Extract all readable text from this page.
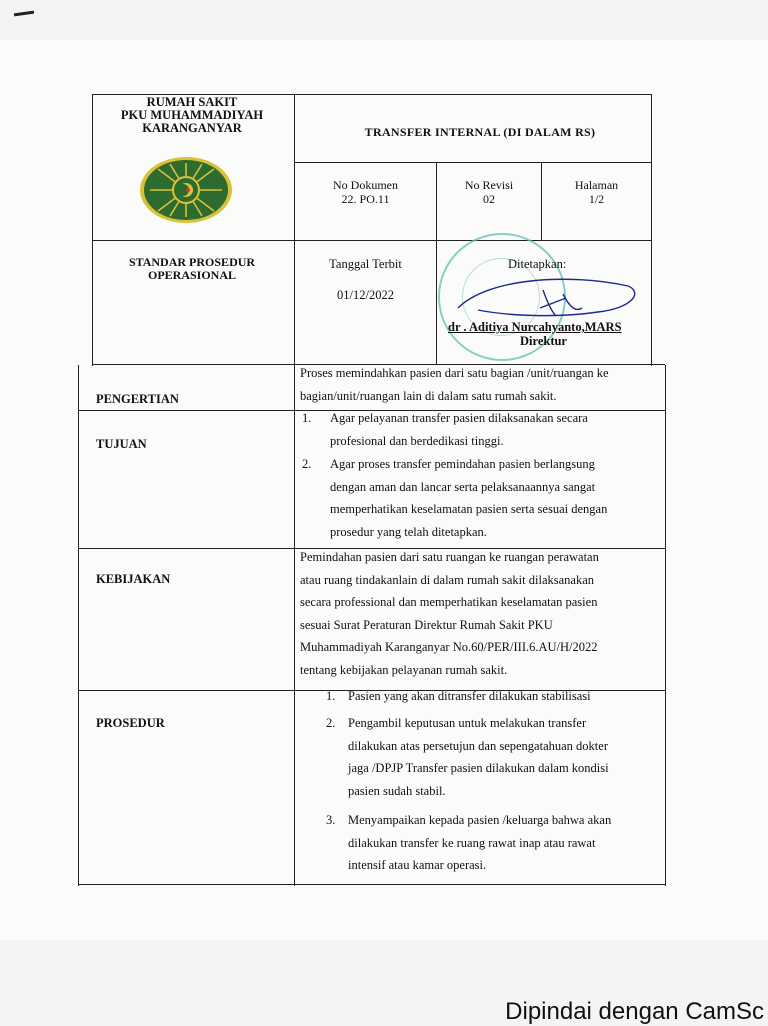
RUMAH SAKIT
PKU MUHAMMADIYAH
KARANGANYAR	TRANSFER INTERNAL (DI DALAM RS)
No Dokumen
22. PO.11
No Revisi
02
Halaman
1/2
STANDAR PROSEDUR
OPERASIONAL
Tanggal Terbit
01/12/2022
Ditetapkan:
dr . Aditiya Nurcahyanto,MARS
Direktur
PENGERTIAN
Proses memindahkan pasien dari satu bagian /unit/ruangan ke
bagian/unit/ruangan lain di dalam satu rumah sakit.
TUJUAN
1. Agar pelayanan transfer pasien dilaksanakan secara
profesional dan berdedikasi tinggi.
2. Agar proses transfer pemindahan pasien berlangsung
dengan aman dan lancar serta pelaksanaannya sangat
memperhatikan keselamatan pasien serta sesuai dengan
prosedur yang telah ditetapkan.
KEBIJAKAN
Pemindahan pasien dari satu ruangan ke ruangan perawatan
atau ruang tindakanlain di dalam rumah sakit dilaksanakan
secara professional dan memperhatikan keselamatan pasien
sesuai Surat Peraturan Direktur Rumah Sakit PKU
Muhammadiyah Karanganyar No.60/PER/III.6.AU/H/2022
tentang kebijakan pelayanan rumah sakit.
PROSEDUR
1. Pasien yang akan ditransfer dilakukan stabilisasi
2. Pengambil keputusan untuk melakukan transfer
dilakukan atas persetujun dan sepengatahuan dokter
jaga /DPJP Transfer pasien dilakukan dalam kondisi
pasien sudah stabil.
3. Menyampaikan kepada pasien /keluarga bahwa akan
dilakukan transfer ke ruang rawat inap atau rawat
intensif atau kamar operasi.
Dipindai dengan CamSc
